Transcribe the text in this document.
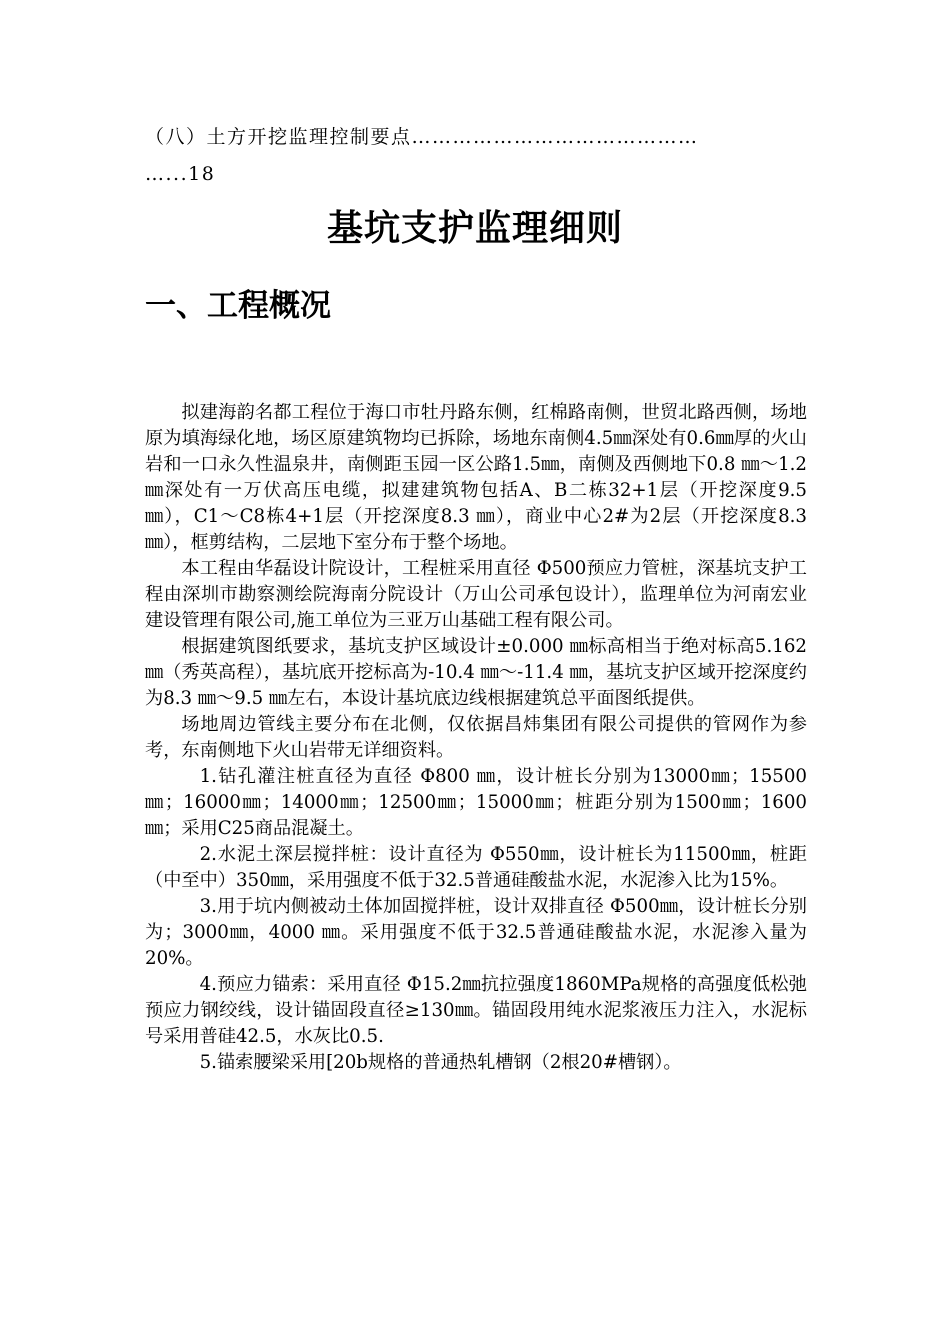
（八）土方开挖监理控制要点……………………………………
…...18
基坑支护监理细则
一、工程概况

拟建海韵名都工程位于海口市牡丹路东侧，红棉路南侧，世贸北路西侧，场地原为填海绿化地，场区原建筑物均已拆除，场地东南侧4.5㎜深处有0.6㎜厚的火山岩和一口永久性温泉井，南侧距玉园一区公路1.5㎜，南侧及西侧地下0.8 ㎜～1.2 ㎜深处有一万伏高压电缆，拟建建筑物包括A、B二栋32+1层（开挖深度9.5 ㎜），C1～C8栋4+1层（开挖深度8.3 ㎜），商业中心2#为2层（开挖深度8.3 ㎜），框剪结构，二层地下室分布于整个场地。

本工程由华磊设计院设计，工程桩采用直径 Φ500预应力管桩，深基坑支护工程由深圳市勘察测绘院海南分院设计（万山公司承包设计），监理单位为河南宏业建设管理有限公司,施工单位为三亚万山基础工程有限公司。

根据建筑图纸要求，基坑支护区域设计±0.000 ㎜标高相当于绝对标高5.162 ㎜（秀英高程），基坑底开挖标高为-10.4 ㎜～-11.4 ㎜，基坑支护区域开挖深度约为8.3 ㎜～9.5 ㎜左右，本设计基坑底边线根据建筑总平面图纸提供。

场地周边管线主要分布在北侧，仅依据昌炜集团有限公司提供的管网作为参考，东南侧地下火山岩带无详细资料。

1.钻孔灌注桩直径为直径 Φ800 ㎜，设计桩长分别为13000㎜；15500㎜；16000㎜；14000㎜；12500㎜；15000㎜；桩距分别为1500㎜；1600㎜；采用C25商品混凝土。

2.水泥土深层搅拌桩：设计直径为 Φ550㎜，设计桩长为11500㎜，桩距（中至中）350㎜，采用强度不低于32.5普通硅酸盐水泥，水泥渗入比为15%。

3.用于坑内侧被动土体加固搅拌桩，设计双排直径 Φ500㎜，设计桩长分别为；3000㎜，4000 ㎜。采用强度不低于32.5普通硅酸盐水泥，水泥渗入量为20%。

4.预应力锚索：采用直径 Φ15.2㎜抗拉强度1860MPa规格的高强度低松弛预应力钢绞线，设计锚固段直径≥130㎜。锚固段用纯水泥浆液压力注入，水泥标号采用普硅42.5，水灰比0.5.

5.锚索腰梁采用[20b规格的普通热轧槽钢（2根20#槽钢）。
